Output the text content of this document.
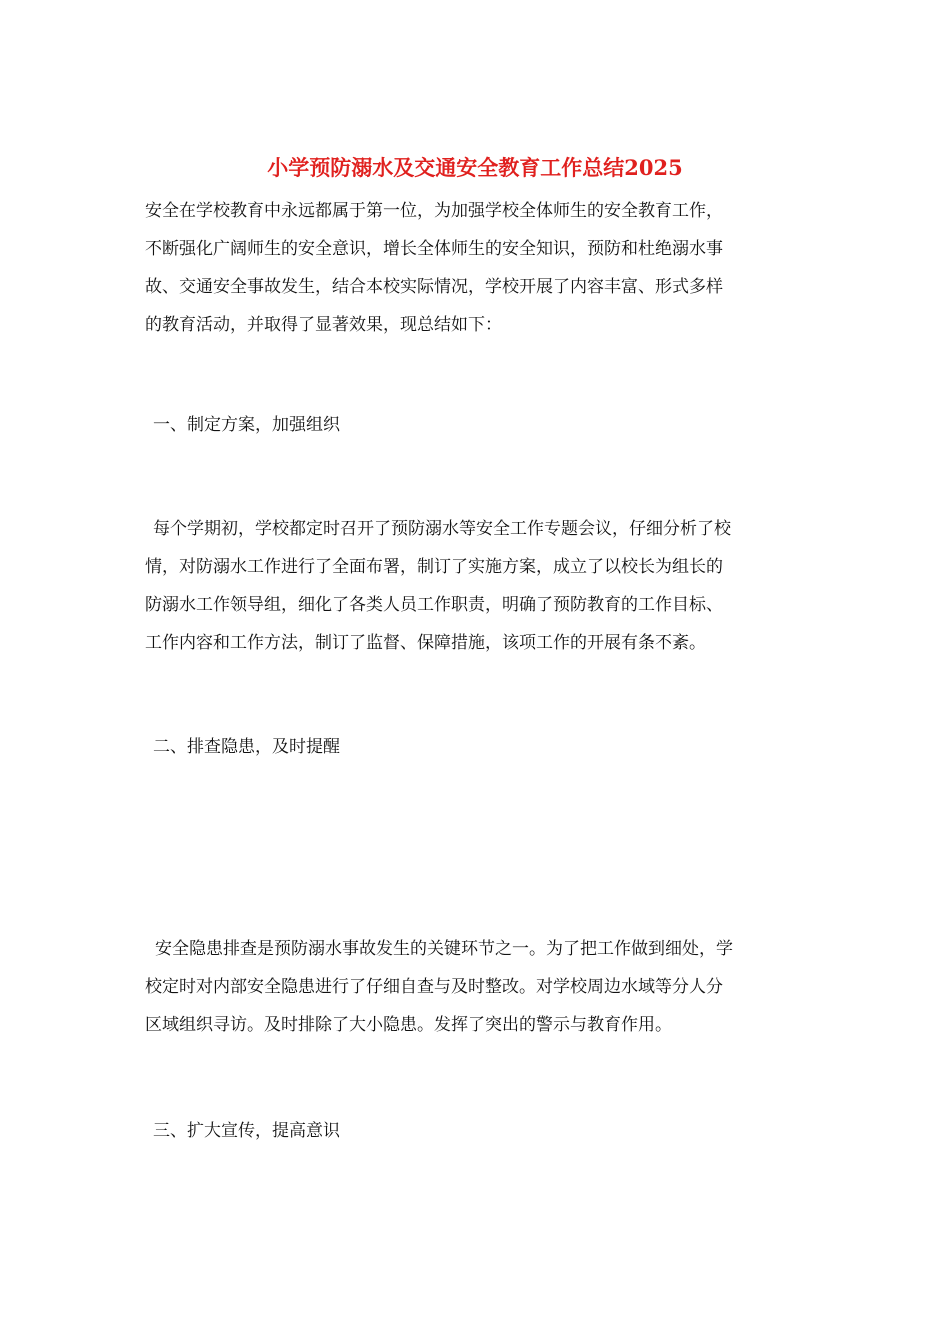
小学预防溺水及交通安全教育工作总结2025
安全在学校教育中永远都属于第一位，为加强学校全体师生的安全教育工作，
不断强化广阔师生的安全意识，增长全体师生的安全知识，预防和杜绝溺水事
故、交通安全事故发生，结合本校实际情况，学校开展了内容丰富、形式多样
的教育活动，并取得了显著效果，现总结如下：
一、制定方案，加强组织
每个学期初，学校都定时召开了预防溺水等安全工作专题会议，仔细分析了校
情，对防溺水工作进行了全面布署，制订了实施方案，成立了以校长为组长的
防溺水工作领导组，细化了各类人员工作职责，明确了预防教育的工作目标、
工作内容和工作方法，制订了监督、保障措施，该项工作的开展有条不紊。
二、排查隐患，及时提醒
安全隐患排查是预防溺水事故发生的关键环节之一。为了把工作做到细处，学
校定时对内部安全隐患进行了仔细自查与及时整改。对学校周边水域等分人分
区域组织寻访。及时排除了大小隐患。发挥了突出的警示与教育作用。
三、扩大宣传，提高意识
